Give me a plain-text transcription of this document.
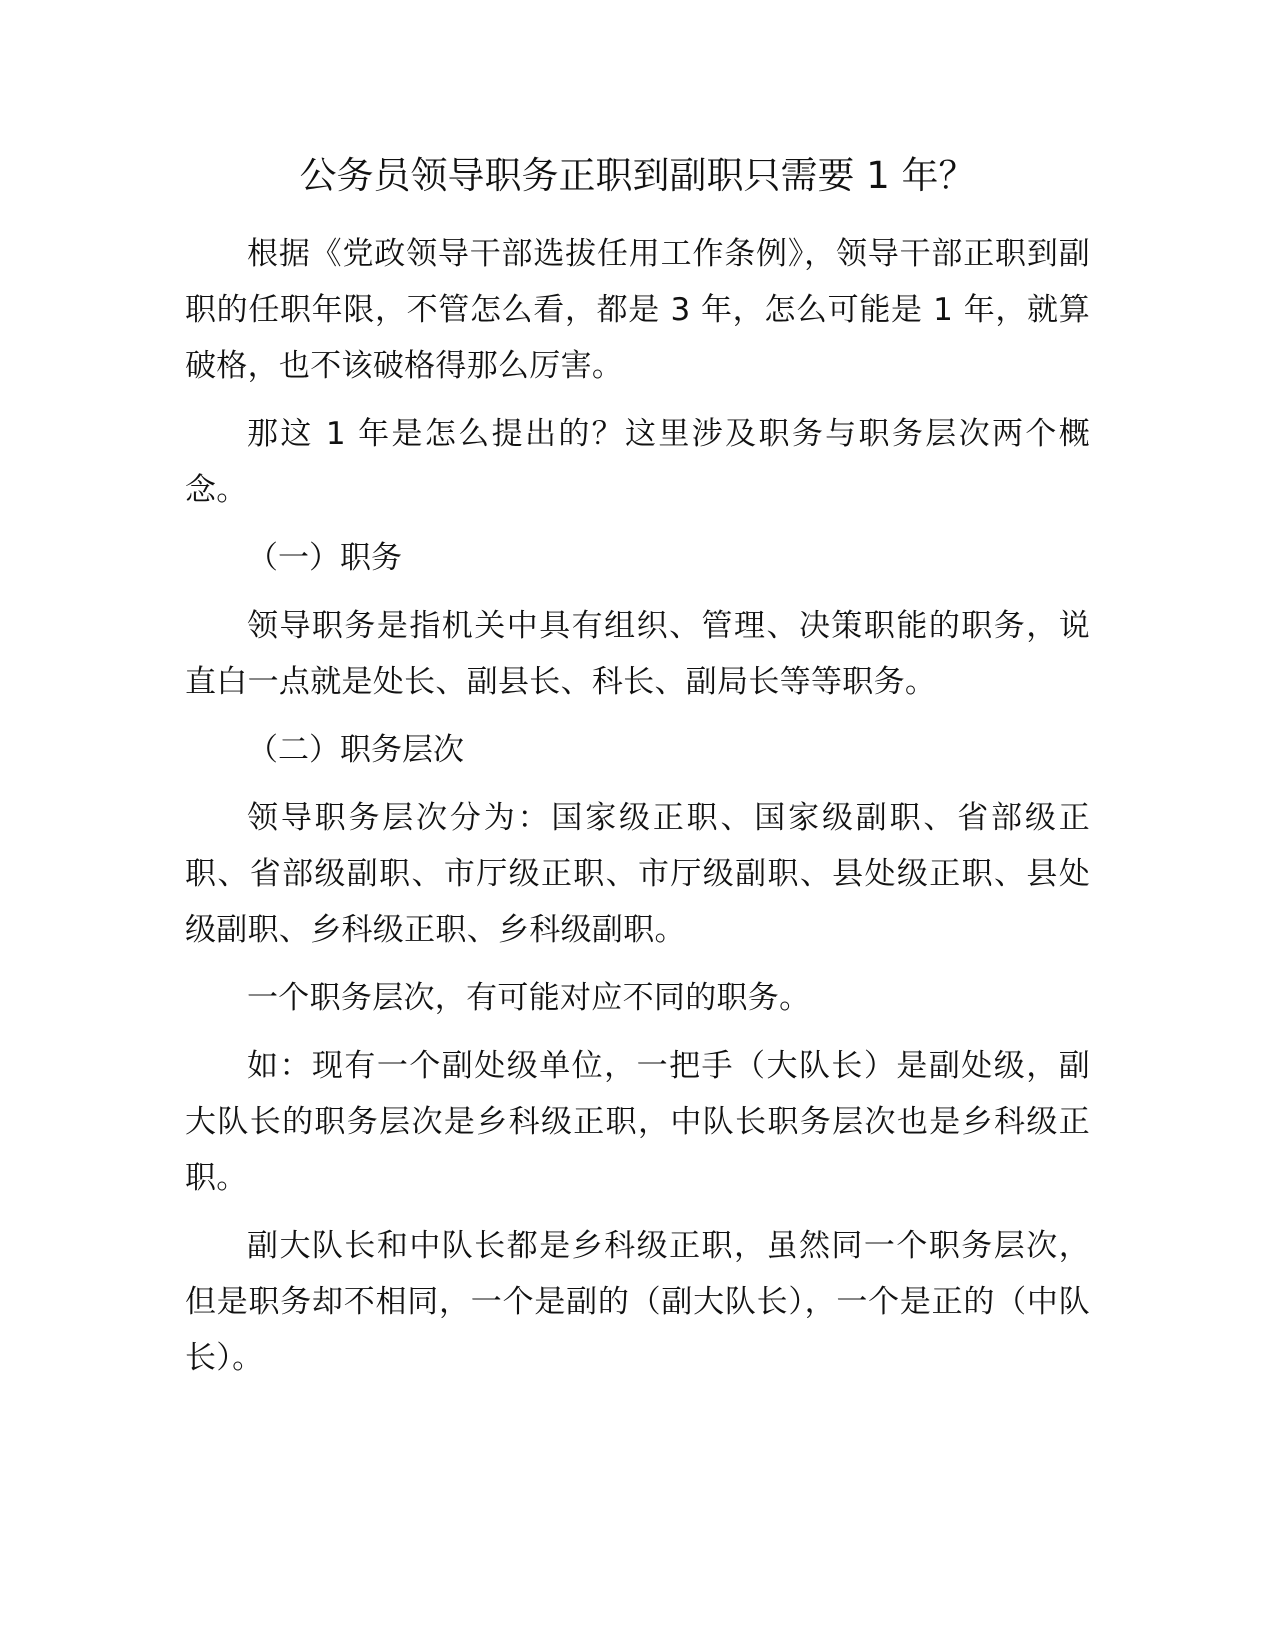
公务员领导职务正职到副职只需要 1 年？

根据《党政领导干部选拔任用工作条例》，领导干部正职到副职的任职年限，不管怎么看，都是 3 年，怎么可能是 1 年，就算破格，也不该破格得那么厉害。

那这 1 年是怎么提出的？这里涉及职务与职务层次两个概念。

（一）职务

领导职务是指机关中具有组织、管理、决策职能的职务，说直白一点就是处长、副县长、科长、副局长等等职务。

（二）职务层次

领导职务层次分为：国家级正职、国家级副职、省部级正职、省部级副职、市厅级正职、市厅级副职、县处级正职、县处级副职、乡科级正职、乡科级副职。

一个职务层次，有可能对应不同的职务。

如：现有一个副处级单位，一把手（大队长）是副处级，副大队长的职务层次是乡科级正职，中队长职务层次也是乡科级正职。

副大队长和中队长都是乡科级正职，虽然同一个职务层次，但是职务却不相同，一个是副的（副大队长），一个是正的（中队长）。
